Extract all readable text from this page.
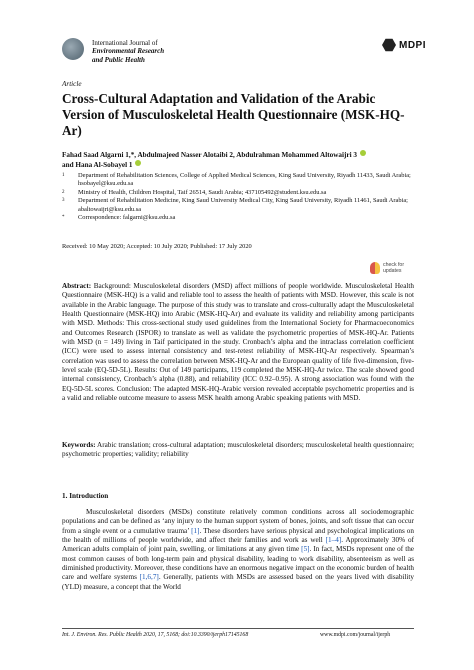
International Journal of
Environmental Research
and Public Health
MDPI
Article
Cross-Cultural Adaptation and Validation of the Arabic Version of Musculoskeletal Health Questionnaire (MSK-HQ-Ar)
Fahad Saad Algarni 1,*, Abdulmajeed Nasser Alotaibi 2, Abdulrahman Mohammed Altowaijri 3
and Hana Al-Sobayel 1
1	Department of Rehabilitation Sciences, College of Applied Medical Sciences, King Saud University, Riyadh 11433, Saudi Arabia; hsobayel@ksu.edu.sa
2	Ministry of Health, Children Hospital, Taif 26514, Saudi Arabia; 437105492@student.ksu.edu.sa
3	Department of Rehabilitation Medicine, King Saud University Medical City, King Saud University, Riyadh 11461, Saudi Arabia; abaltowaijri@ksu.edu.sa
*	Correspondence: falgarni@ksu.edu.sa
Received: 10 May 2020; Accepted: 10 July 2020; Published: 17 July 2020
check for
updates
Abstract: Background: Musculoskeletal disorders (MSD) affect millions of people worldwide. Musculoskeletal Health Questionnaire (MSK-HQ) is a valid and reliable tool to assess the health of patients with MSD. However, this scale is not available in the Arabic language. The purpose of this study was to translate and cross-culturally adapt the Musculoskeletal Health Questionnaire (MSK-HQ) into Arabic (MSK-HQ-Ar) and evaluate its validity and reliability among participants with MSD. Methods: This cross-sectional study used guidelines from the International Society for Pharmacoeconomics and Outcomes Research (ISPOR) to translate as well as validate the psychometric properties of MSK-HQ-Ar. Patients with MSD (n = 149) living in Taif participated in the study. Cronbach’s alpha and the intraclass correlation coefficient (ICC) were used to assess internal consistency and test-retest reliability of MSK-HQ-Ar respectively. Spearman’s correlation was used to assess the correlation between MSK-HQ-Ar and the European quality of life five-dimension, five-level scale (EQ-5D-5L). Results: Out of 149 participants, 119 completed the MSK-HQ-Ar twice. The scale showed good internal consistency, Cronbach’s alpha (0.88), and reliability (ICC 0.92–0.95). A strong association was found with the EQ-5D-5L scores. Conclusion: The adapted MSK-HQ-Arabic version revealed acceptable psychometric properties and is a valid and reliable outcome measure to assess MSK health among Arabic speaking patients with MSD.
Keywords: Arabic translation; cross-cultural adaptation; musculoskeletal disorders; musculoskeletal health questionnaire; psychometric properties; validity; reliability
1. Introduction
Musculoskeletal disorders (MSDs) constitute relatively common conditions across all sociodemographic populations and can be defined as ‘any injury to the human support system of bones, joints, and soft tissue that can occur from a single event or a cumulative trauma’ [1]. These disorders have serious physical and psychological implications on the health of millions of people worldwide, and affect their families and work as well [1–4]. Approximately 30% of American adults complain of joint pain, swelling, or limitations at any given time [5]. In fact, MSDs represent one of the most common causes of both long-term pain and physical disability, leading to work disability, absenteeism as well as diminished productivity. Moreover, these conditions have an enormous negative impact on the economic burden of health care and welfare systems [1,6,7]. Generally, patients with MSDs are assessed based on the years lived with disability (YLD) measure, a concept that the World
Int. J. Environ. Res. Public Health 2020, 17, 5168; doi:10.3390/ijerph17145168	www.mdpi.com/journal/ijerph
